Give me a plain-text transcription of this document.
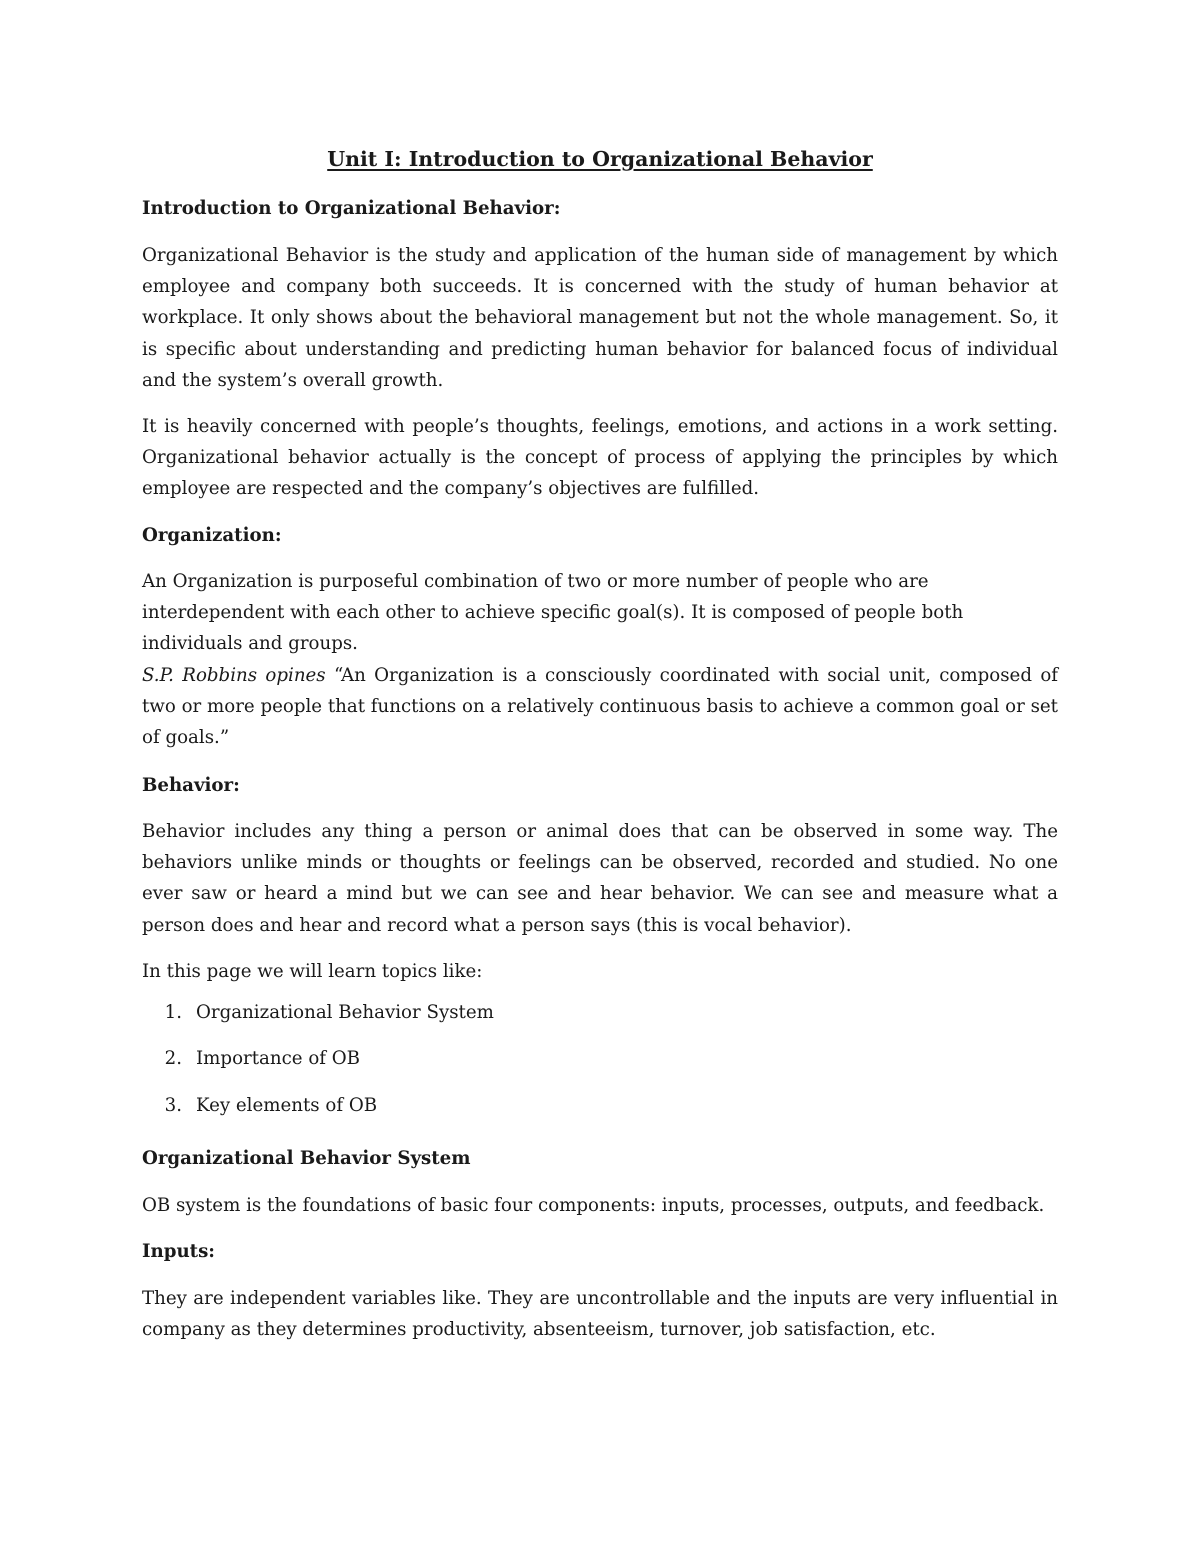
Unit I: Introduction to Organizational Behavior

Introduction to Organizational Behavior:

Organizational Behavior is the study and application of the human side of management by which employee and company both succeeds. It is concerned with the study of human behavior at workplace. It only shows about the behavioral management but not the whole management. So, it is specific about understanding and predicting human behavior for balanced focus of individual and the system’s overall growth.

It is heavily concerned with people’s thoughts, feelings, emotions, and actions in a work setting. Organizational behavior actually is the concept of process of applying the principles by which employee are respected and the company’s objectives are fulfilled.

Organization:

An Organization is purposeful combination of two or more number of people who are
interdependent with each other to achieve specific goal(s). It is composed of people both
individuals and groups.
S.P. Robbins opines “An Organization is a consciously coordinated with social unit, composed of two or more people that functions on a relatively continuous basis to achieve a common goal or set of goals.”

Behavior:

Behavior includes any thing a person or animal does that can be observed in some way. The behaviors unlike minds or thoughts or feelings can be observed, recorded and studied. No one ever saw or heard a mind but we can see and hear behavior. We can see and measure what a person does and hear and record what a person says (this is vocal behavior).

In this page we will learn topics like:

1. Organizational Behavior System
2. Importance of OB
3. Key elements of OB

Organizational Behavior System

OB system is the foundations of basic four components: inputs, processes, outputs, and feedback.

Inputs:

They are independent variables like. They are uncontrollable and the inputs are very influential in company as they determines productivity, absenteeism, turnover, job satisfaction, etc.
